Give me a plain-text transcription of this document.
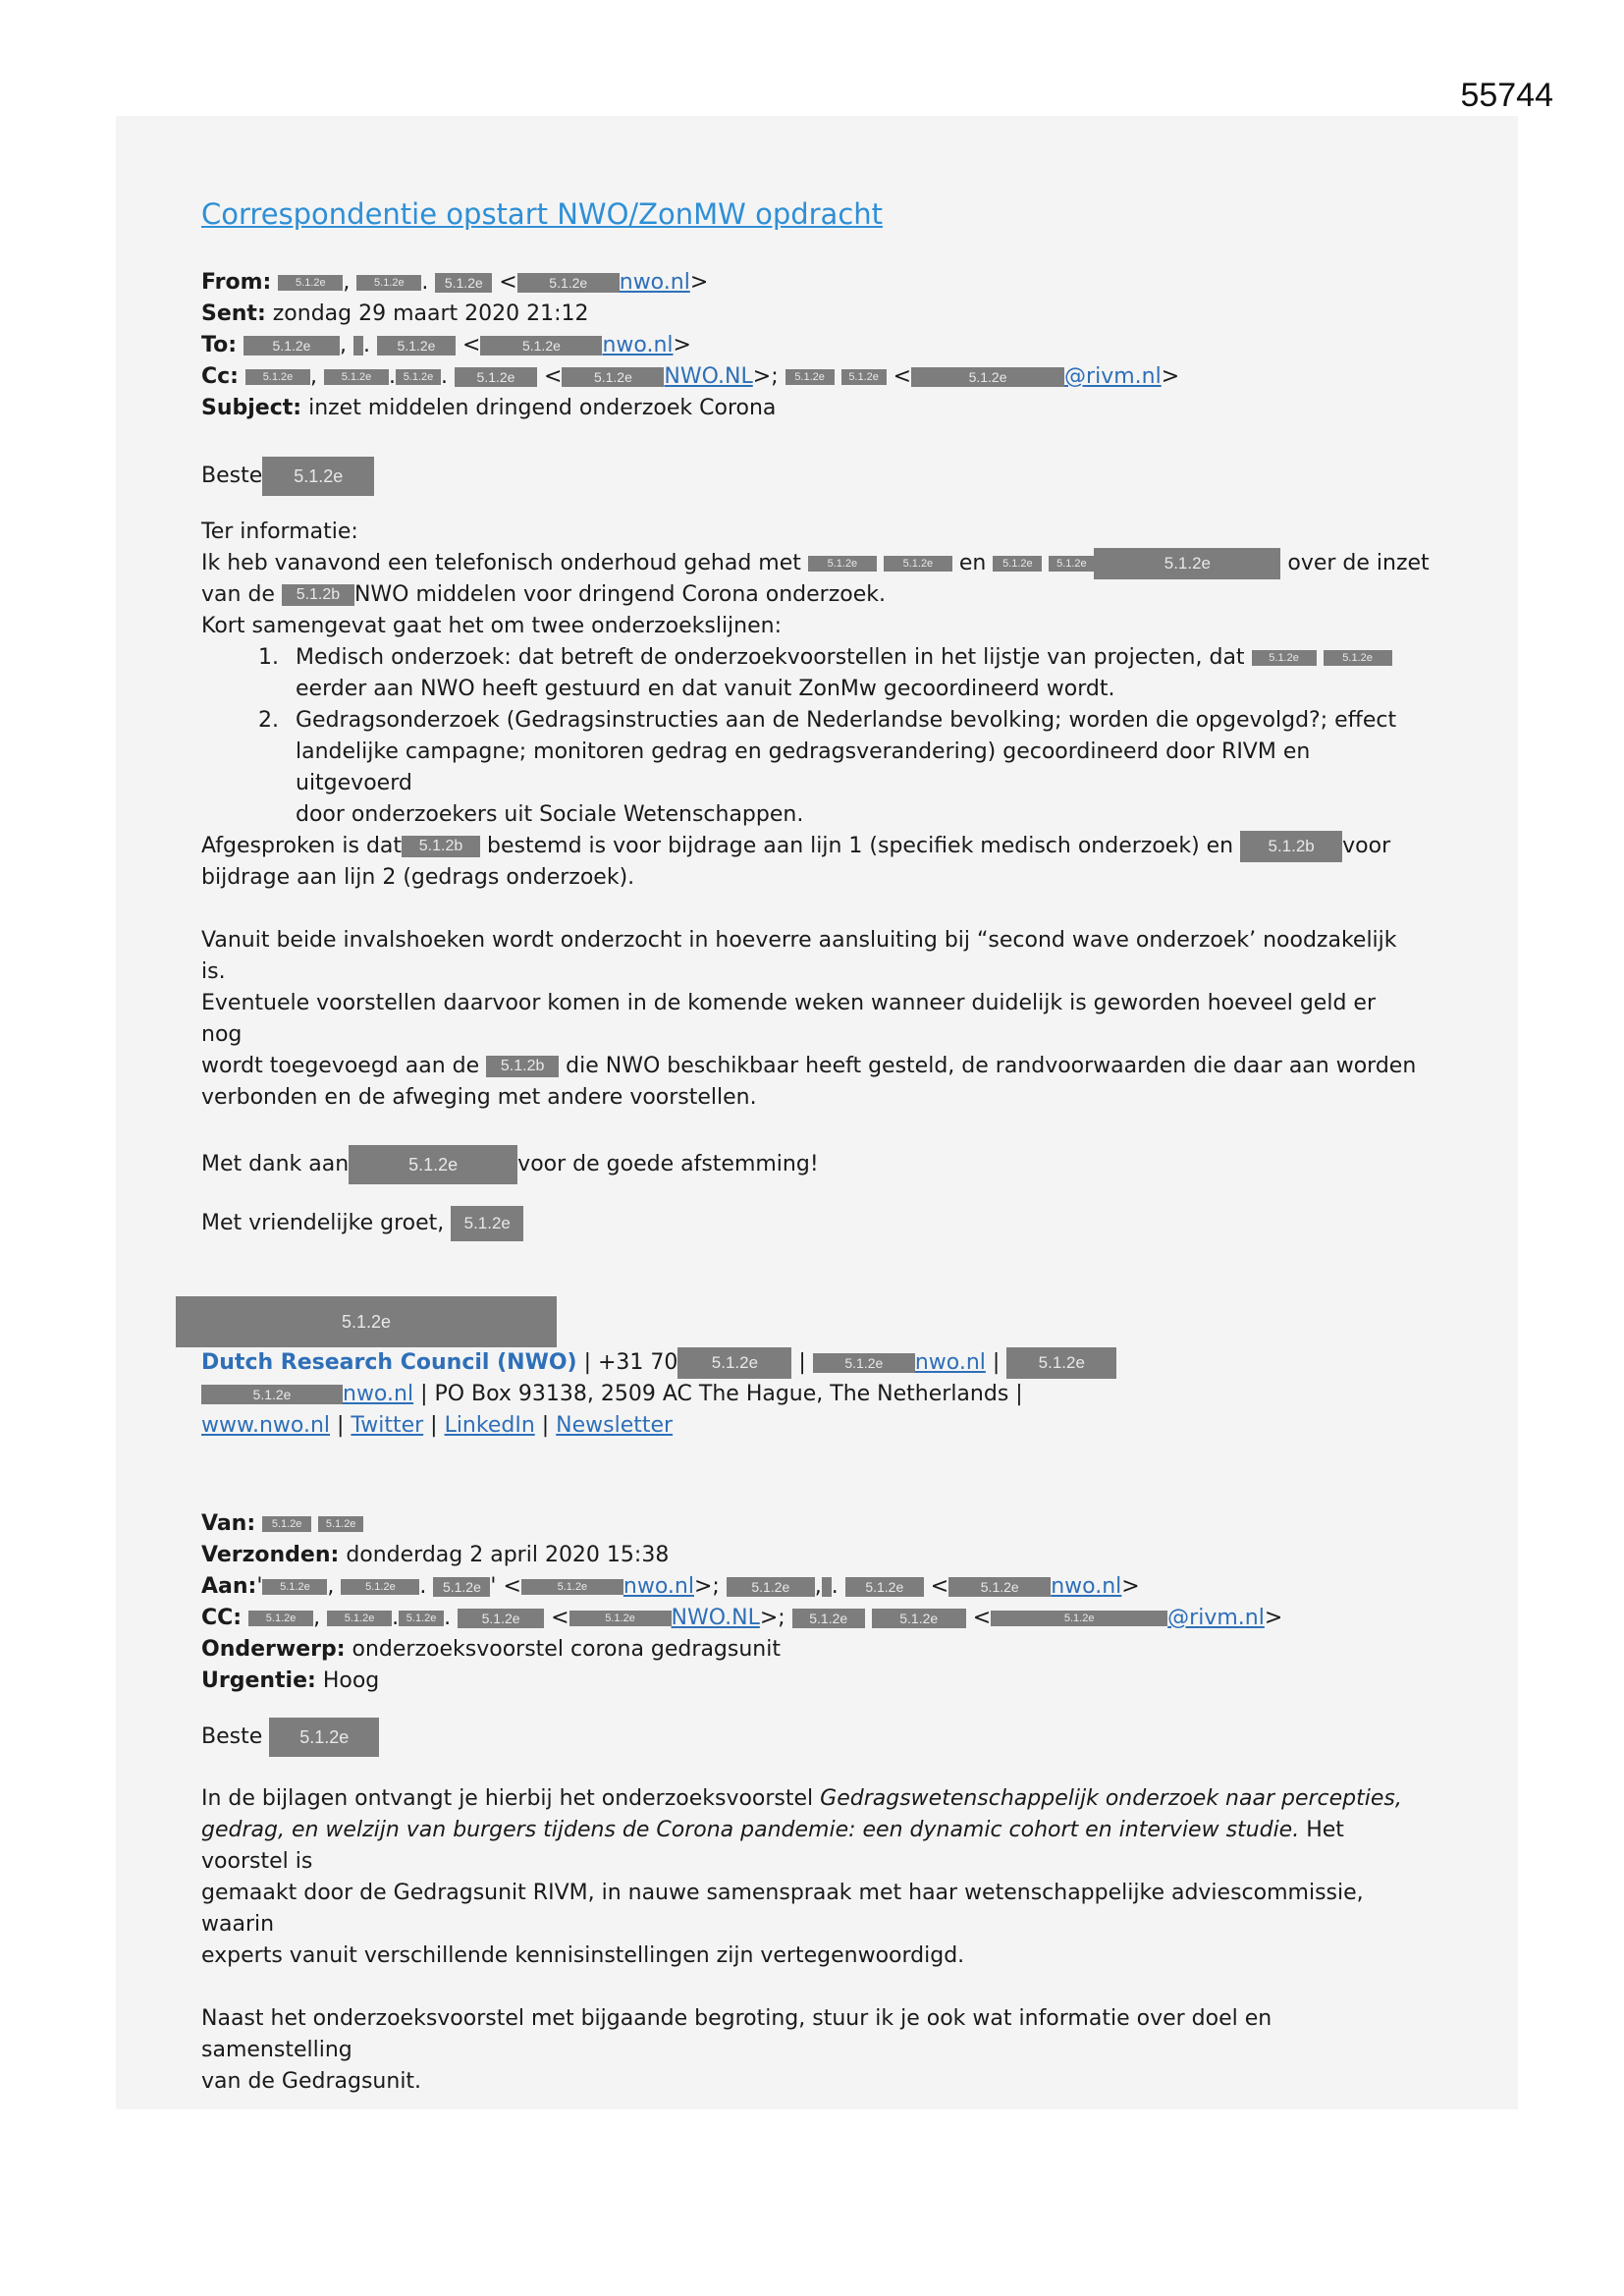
55744
Correspondentie opstart NWO/ZonMW opdracht
From: 5.1.2e , 5.1.2e . 5.1.2e < 5.1.2e nwo.nl>
Sent: zondag 29 maart 2020 21:12
To:	5.1.2e , . 5.1.2e <	5.1.2e nwo.nl>
Cc: 5.1.2e , 5.1.2e . 5.1.2e . 5.1.2e < 5.1.2e NWO.NL>; 5.1.2e 5.1.2e <	5.1.2e	@rivm.nl>
Subject: inzet middelen dringend onderzoek Corona
Beste 5.1.2e
Ter informatie:
Ik heb vanavond een telefonisch onderhoud gehad met 5.1.2e	5.1.2e en 5.1.2e 5.1.2e	5.1.2e	over de inzet
van de 5.1.2b NWO middelen voor dringend Corona onderzoek.
Kort samengevat gaat het om twee onderzoekslijnen:
1. Medisch onderzoek: dat betreft de onderzoekvoorstellen in het lijstje van projecten, dat 5.1.2e	5.1.2e
eerder aan NWO heeft gestuurd en dat vanuit ZonMw gecoordineerd wordt.
2. Gedragsonderzoek (Gedragsinstructies aan de Nederlandse bevolking; worden die opgevolgd?; effect
landelijke campagne; monitoren gedrag en gedragsverandering) gecoordineerd door RIVM en uitgevoerd
door onderzoekers uit Sociale Wetenschappen.
Afgesproken is dat 5.1.2b bestemd is voor bijdrage aan lijn 1 (specifiek medisch onderzoek) en 5.1.2b voor
bijdrage aan lijn 2 (gedrags onderzoek).
Vanuit beide invalshoeken wordt onderzocht in hoeverre aansluiting bij “second wave onderzoek’ noodzakelijk is.
Eventuele voorstellen daarvoor komen in de komende weken wanneer duidelijk is geworden hoeveel geld er nog
wordt toegevoegd aan de 5.1.2b die NWO beschikbaar heeft gesteld, de randvoorwaarden die daar aan worden
verbonden en de afweging met andere voorstellen.
Met dank aan	5.1.2e	voor de goede afstemming!
Met vriendelijke groet, 5.1.2e
5.1.2e
Dutch Research Council (NWO) | +31 70 5.1.2e | 5.1.2e nwo.nl | 5.1.2e
5.1.2e nwo.nl | PO Box 93138, 2509 AC The Hague, The Netherlands |
www.nwo.nl | Twitter | LinkedIn | Newsletter
Van: 5.1.2e 5.1.2e
Verzonden: donderdag 2 april 2020 15:38
Aan:' 5.1.2e , 5.1.2e . 5.1.2e ' <	5.1.2e nwo.nl>; 5.1.2e , . 5.1.2e < 5.1.2e nwo.nl>
CC: 5.1.2e , 5.1.2e . 5.1.2e . 5.1.2e <	5.1.2e NWO.NL>; 5.1.2e	5.1.2e <	5.1.2e	@rivm.nl>
Onderwerp: onderzoeksvoorstel corona gedragsunit
Urgentie: Hoog
Beste 5.1.2e
In de bijlagen ontvangt je hierbij het onderzoeksvoorstel Gedragswetenschappelijk onderzoek naar percepties,
gedrag, en welzijn van burgers tijdens de Corona pandemie: een dynamic cohort en interview studie. Het voorstel is
gemaakt door de Gedragsunit RIVM, in nauwe samenspraak met haar wetenschappelijke adviescommissie, waarin
experts vanuit verschillende kennisinstellingen zijn vertegenwoordigd.
Naast het onderzoeksvoorstel met bijgaande begroting, stuur ik je ook wat informatie over doel en samenstelling
van de Gedragsunit.
